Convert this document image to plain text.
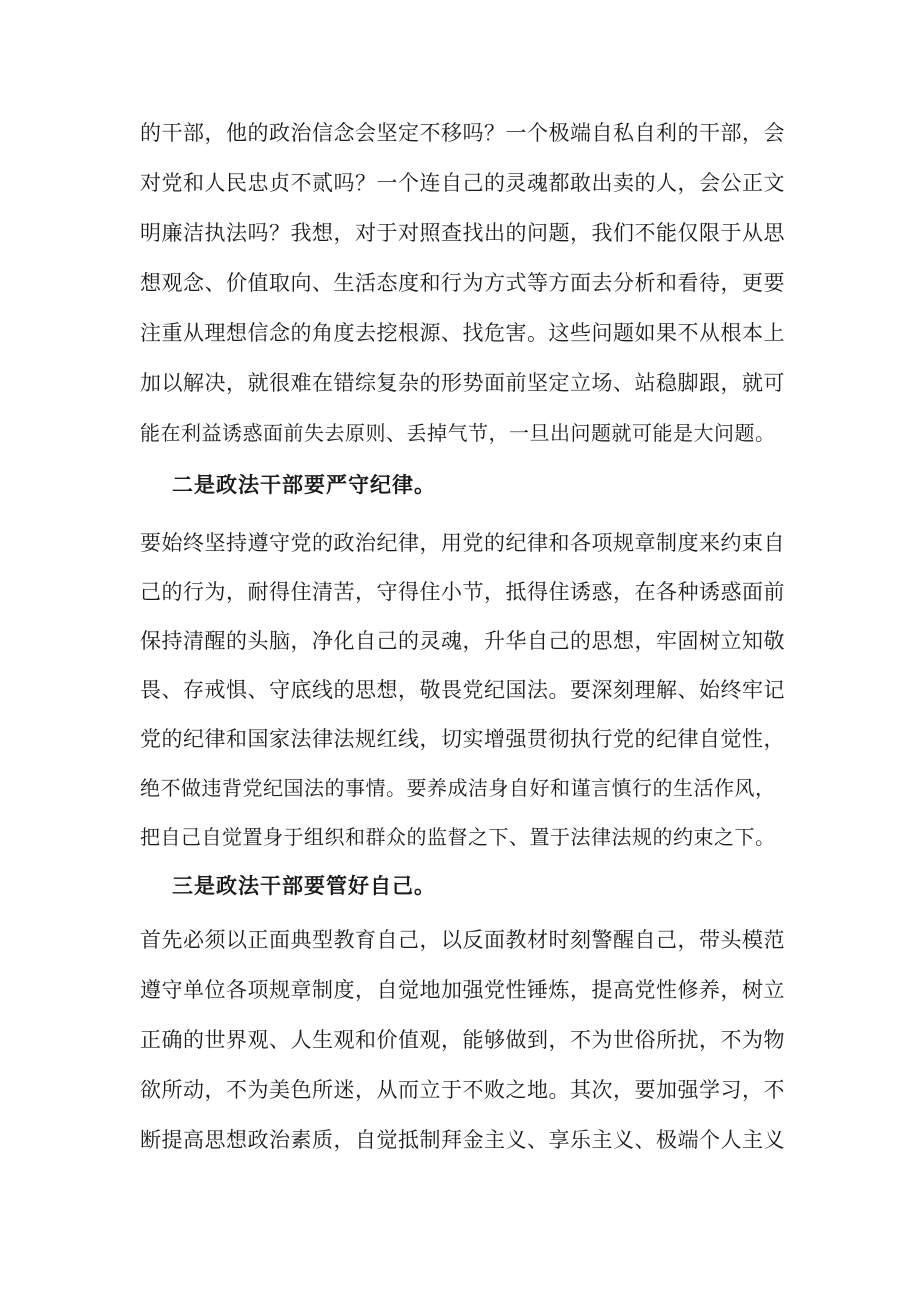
的干部，他的政治信念会坚定不移吗？一个极端自私自利的干部，会
对党和人民忠贞不贰吗？一个连自己的灵魂都敢出卖的人，会公正文
明廉洁执法吗？我想，对于对照查找出的问题，我们不能仅限于从思
想观念、价值取向、生活态度和行为方式等方面去分析和看待，更要
注重从理想信念的角度去挖根源、找危害。这些问题如果不从根本上
加以解决，就很难在错综复杂的形势面前坚定立场、站稳脚跟，就可
能在利益诱惑面前失去原则、丢掉气节，一旦出问题就可能是大问题。
二是政法干部要严守纪律。
要始终坚持遵守党的政治纪律，用党的纪律和各项规章制度来约束自
己的行为，耐得住清苦，守得住小节，抵得住诱惑，在各种诱惑面前
保持清醒的头脑，净化自己的灵魂，升华自己的思想，牢固树立知敬
畏、存戒惧、守底线的思想，敬畏党纪国法。要深刻理解、始终牢记
党的纪律和国家法律法规红线，切实增强贯彻执行党的纪律自觉性，
绝不做违背党纪国法的事情。要养成洁身自好和谨言慎行的生活作风，
把自己自觉置身于组织和群众的监督之下、置于法律法规的约束之下。
三是政法干部要管好自己。
首先必须以正面典型教育自己，以反面教材时刻警醒自己，带头模范
遵守单位各项规章制度，自觉地加强党性锤炼，提高党性修养，树立
正确的世界观、人生观和价值观，能够做到，不为世俗所扰，不为物
欲所动，不为美色所迷，从而立于不败之地。其次，要加强学习，不
断提高思想政治素质，自觉抵制拜金主义、享乐主义、极端个人主义
